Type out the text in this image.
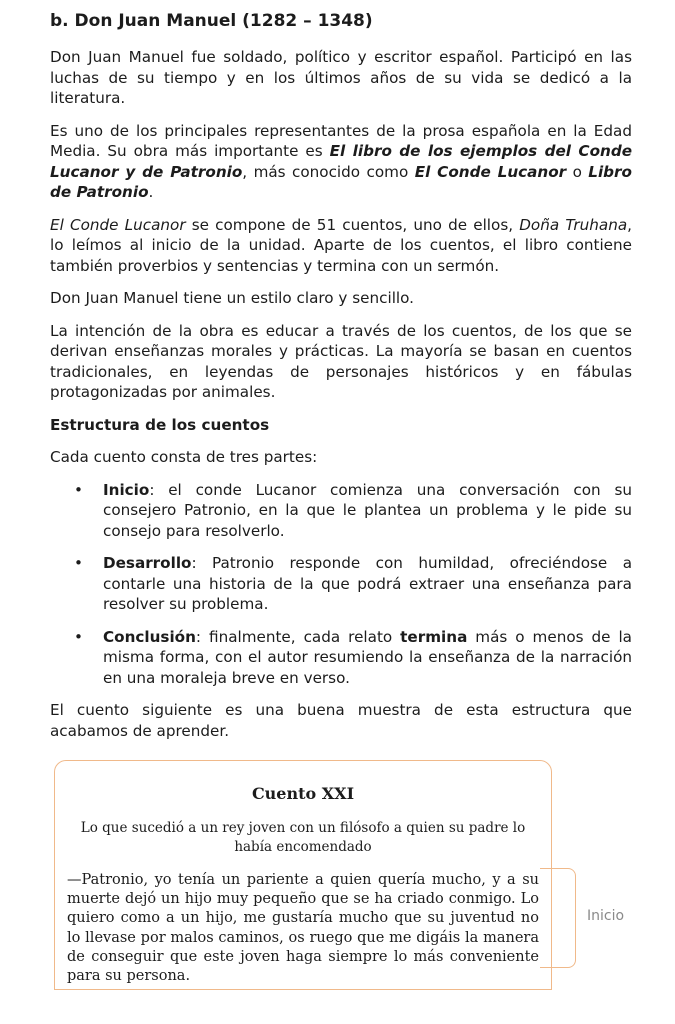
b. Don Juan Manuel (1282 – 1348)

Don Juan Manuel fue soldado, político y escritor español. Participó en las luchas de su tiempo y en los últimos años de su vida se dedicó a la literatura.

Es uno de los principales representantes de la prosa española en la Edad Media. Su obra más importante es El libro de los ejemplos del Conde Lucanor y de Patronio, más conocido como El Conde Lucanor o Libro de Patronio.

El Conde Lucanor se compone de 51 cuentos, uno de ellos, Doña Truhana, lo leímos al inicio de la unidad. Aparte de los cuentos, el libro contiene también proverbios y sentencias y termina con un sermón.

Don Juan Manuel tiene un estilo claro y sencillo.

La intención de la obra es educar a través de los cuentos, de los que se derivan enseñanzas morales y prácticas. La mayoría se basan en cuentos tradicionales, en leyendas de personajes históricos y en fábulas protagonizadas por animales.

Estructura de los cuentos

Cada cuento consta de tres partes:

• Inicio: el conde Lucanor comienza una conversación con su consejero Patronio, en la que le plantea un problema y le pide su consejo para resolverlo.
• Desarrollo: Patronio responde con humildad, ofreciéndose a contarle una historia de la que podrá extraer una enseñanza para resolver su problema.
• Conclusión: finalmente, cada relato termina más o menos de la misma forma, con el autor resumiendo la enseñanza de la narración en una moraleja breve en verso.

El cuento siguiente es una buena muestra de esta estructura que acabamos de aprender.

Cuento XXI
Lo que sucedió a un rey joven con un filósofo a quien su padre lo había encomendado
—Patronio, yo tenía un pariente a quien quería mucho, y a su muerte dejó un hijo muy pequeño que se ha criado conmigo. Lo quiero como a un hijo, me gustaría mucho que su juventud no lo llevase por malos caminos, os ruego que me digáis la manera de conseguir que este joven haga siempre lo más conveniente para su persona.
Inicio
